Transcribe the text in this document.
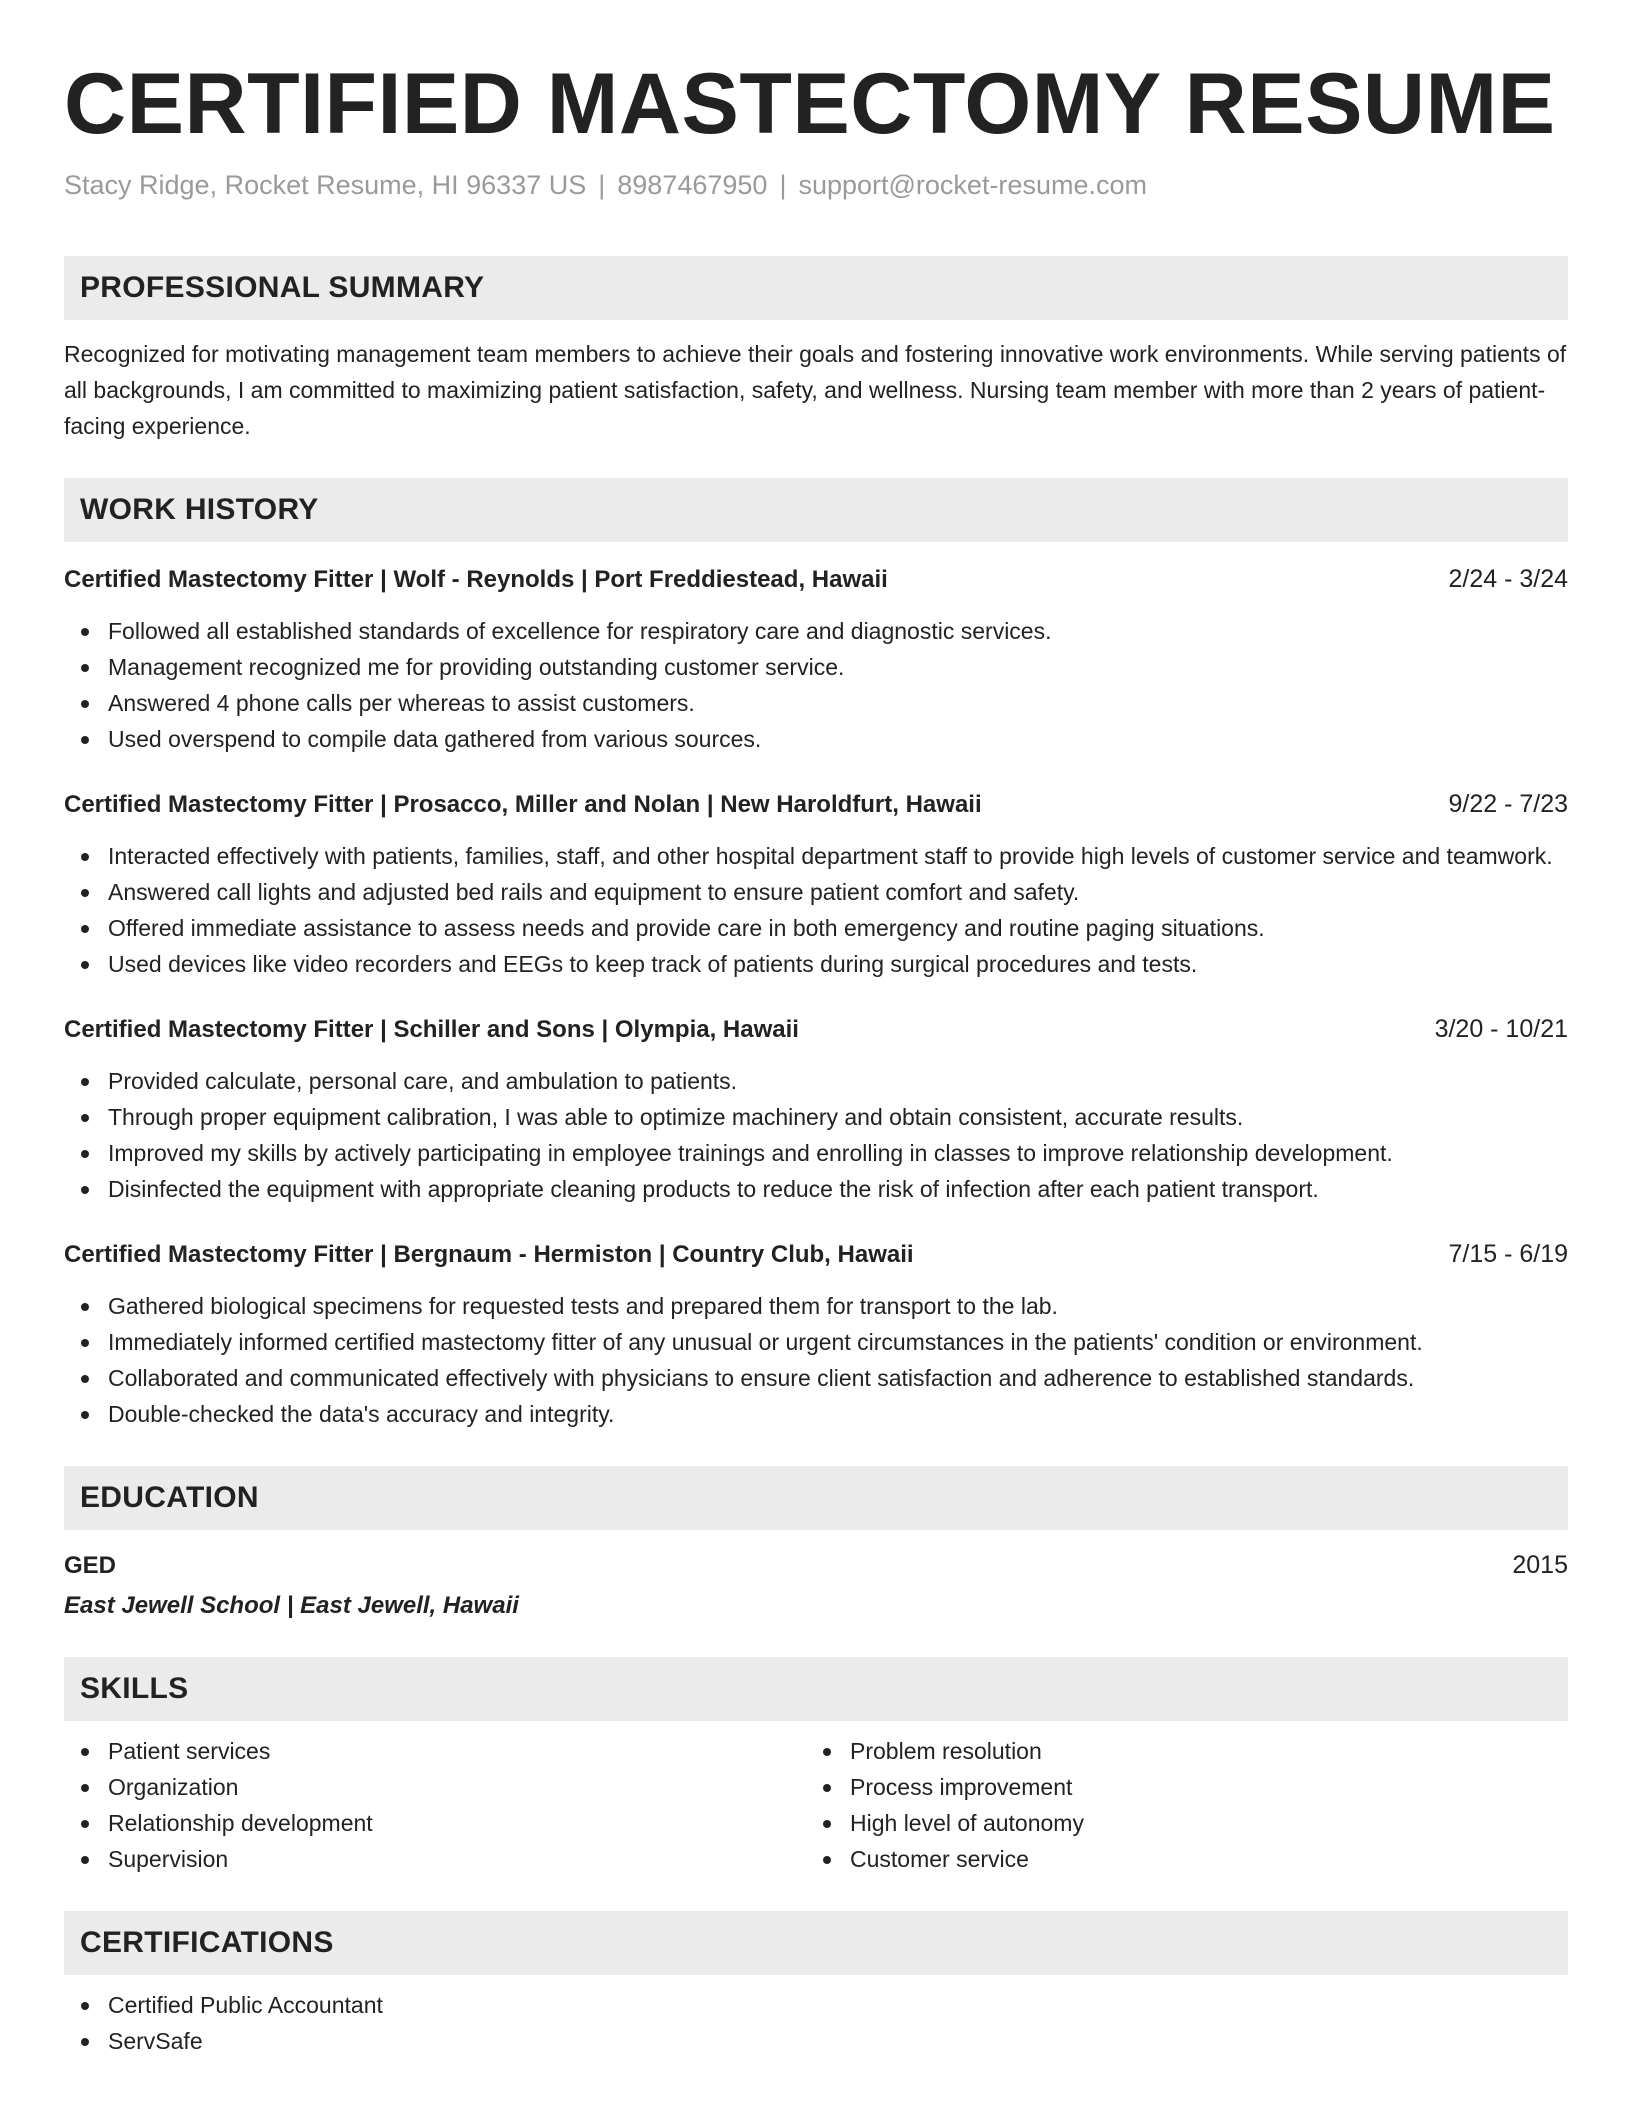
CERTIFIED MASTECTOMY RESUME
Stacy Ridge, Rocket Resume, HI 96337 US | 8987467950 | support@rocket-resume.com
PROFESSIONAL SUMMARY
Recognized for motivating management team members to achieve their goals and fostering innovative work environments. While serving patients of all backgrounds, I am committed to maximizing patient satisfaction, safety, and wellness. Nursing team member with more than 2 years of patient-facing experience.
WORK HISTORY
Certified Mastectomy Fitter | Wolf - Reynolds | Port Freddiestead, Hawaii	2/24 - 3/24
Followed all established standards of excellence for respiratory care and diagnostic services.
Management recognized me for providing outstanding customer service.
Answered 4 phone calls per whereas to assist customers.
Used overspend to compile data gathered from various sources.
Certified Mastectomy Fitter | Prosacco, Miller and Nolan | New Haroldfurt, Hawaii	9/22 - 7/23
Interacted effectively with patients, families, staff, and other hospital department staff to provide high levels of customer service and teamwork.
Answered call lights and adjusted bed rails and equipment to ensure patient comfort and safety.
Offered immediate assistance to assess needs and provide care in both emergency and routine paging situations.
Used devices like video recorders and EEGs to keep track of patients during surgical procedures and tests.
Certified Mastectomy Fitter | Schiller and Sons | Olympia, Hawaii	3/20 - 10/21
Provided calculate, personal care, and ambulation to patients.
Through proper equipment calibration, I was able to optimize machinery and obtain consistent, accurate results.
Improved my skills by actively participating in employee trainings and enrolling in classes to improve relationship development.
Disinfected the equipment with appropriate cleaning products to reduce the risk of infection after each patient transport.
Certified Mastectomy Fitter | Bergnaum - Hermiston | Country Club, Hawaii	7/15 - 6/19
Gathered biological specimens for requested tests and prepared them for transport to the lab.
Immediately informed certified mastectomy fitter of any unusual or urgent circumstances in the patients' condition or environment.
Collaborated and communicated effectively with physicians to ensure client satisfaction and adherence to established standards.
Double-checked the data's accuracy and integrity.
EDUCATION
GED	2015
East Jewell School | East Jewell, Hawaii
SKILLS
Patient services
Organization
Relationship development
Supervision
Problem resolution
Process improvement
High level of autonomy
Customer service
CERTIFICATIONS
Certified Public Accountant
ServSafe
